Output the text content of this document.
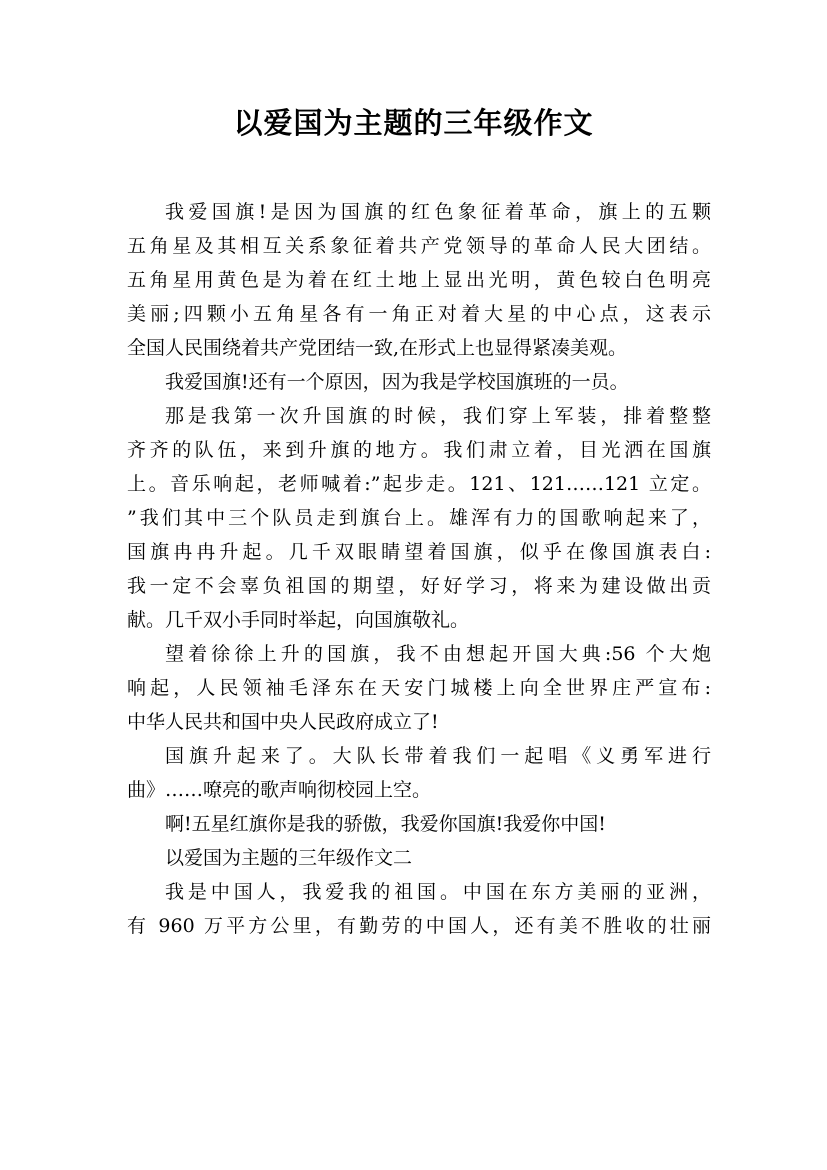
以爱国为主题的三年级作文

我爱国旗!是因为国旗的红色象征着革命，旗上的五颗
五角星及其相互关系象征着共产党领导的革命人民大团结。
五角星用黄色是为着在红土地上显出光明，黄色较白色明亮
美丽;四颗小五角星各有一角正对着大星的中心点，这表示
全国人民围绕着共产党团结一致,在形式上也显得紧凑美观。

我爱国旗!还有一个原因，因为我是学校国旗班的一员。

那是我第一次升国旗的时候，我们穿上军装，排着整整
齐齐的队伍，来到升旗的地方。我们肃立着，目光洒在国旗
上。音乐响起，老师喊着:”起步走。121、121……121 立定。
”我们其中三个队员走到旗台上。雄浑有力的国歌响起来了，
国旗冉冉升起。几千双眼睛望着国旗，似乎在像国旗表白:
我一定不会辜负祖国的期望，好好学习，将来为建设做出贡
献。几千双小手同时举起，向国旗敬礼。

望着徐徐上升的国旗，我不由想起开国大典:56 个大炮
响起，人民领袖毛泽东在天安门城楼上向全世界庄严宣布:
中华人民共和国中央人民政府成立了!

国旗升起来了。大队长带着我们一起唱《义勇军进行
曲》……嘹亮的歌声响彻校园上空。

啊!五星红旗你是我的骄傲，我爱你国旗!我爱你中国!

以爱国为主题的三年级作文二

我是中国人，我爱我的祖国。中国在东方美丽的亚洲，
有 960 万平方公里，有勤劳的中国人，还有美不胜收的壮丽
